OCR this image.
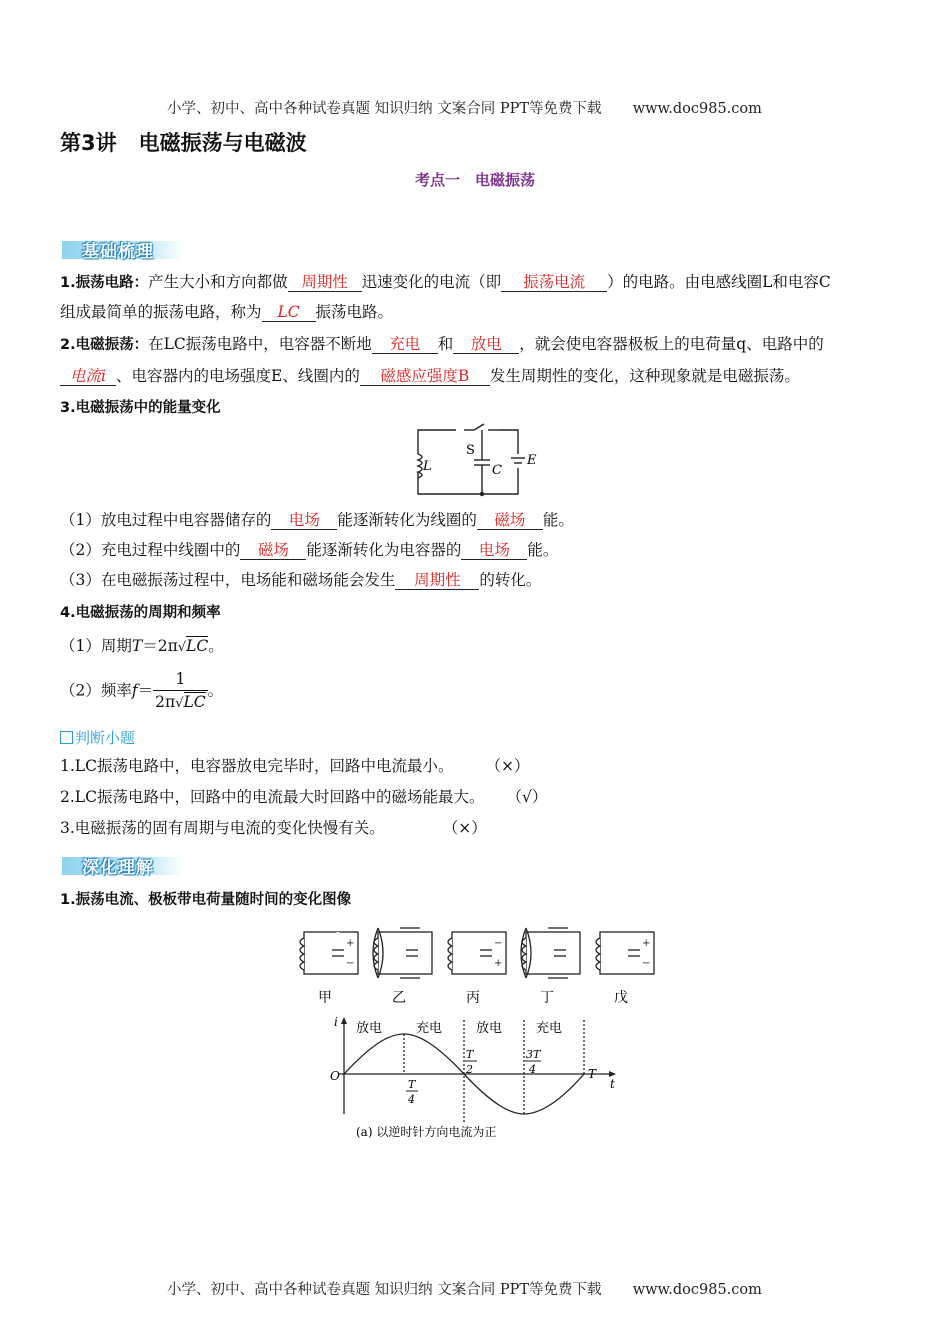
小学、初中、高中各种试卷真题 知识归纳 文案合同 PPT等免费下载 www.doc985.com
第3讲 电磁振荡与电磁波
考点一　电磁振荡
基础梳理
1.振荡电路：产生大小和方向都做 周期性 迅速变化的电流（即 振荡电流 ）的电路。由电感线圈L和电容C
组成最简单的振荡电路，称为 LC 振荡电路。
2.电磁振荡：在LC振荡电路中，电容器不断地 充电 和 放电 ，就会使电容器极板上的电荷量q、电路中的
电流i 、电容器内的电场强度E、线圈内的 磁感应强度B 发生周期性的变化，这种现象就是电磁振荡。
3.电磁振荡中的能量变化
L
S
C
E
（1）放电过程中电容器储存的 电场 能逐渐转化为线圈的 磁场 能。
（2）充电过程中线圈中的 磁场 能逐渐转化为电容器的 电场 能。
（3）在电磁振荡过程中，电场能和磁场能会发生 周期性 的转化。
4.电磁振荡的周期和频率
（1）周期T＝2π√LC。
（2）频率$f= \frac{1}{2\pi√LC}$ 。
判断小题
1.LC振荡电路中，电容器放电完毕时，回路中电流最小。 （×）
2.LC振荡电路中，回路中的电流最大时回路中的磁场能最大。 （√）
3.电磁振荡的固有周期与电流的变化快慢有关。	（×）
深化理解
1.振荡电流、极板带电荷量随时间的变化图像
+
−
−
+
+
−
甲	乙	丙	丁	戊
i
t
O
放电	充电	放电	充电
T
4
T
2
3T
4	T
(a) 以逆时针方向电流为正
小学、初中、高中各种试卷真题 知识归纳 文案合同 PPT等免费下载 www.doc985.com
